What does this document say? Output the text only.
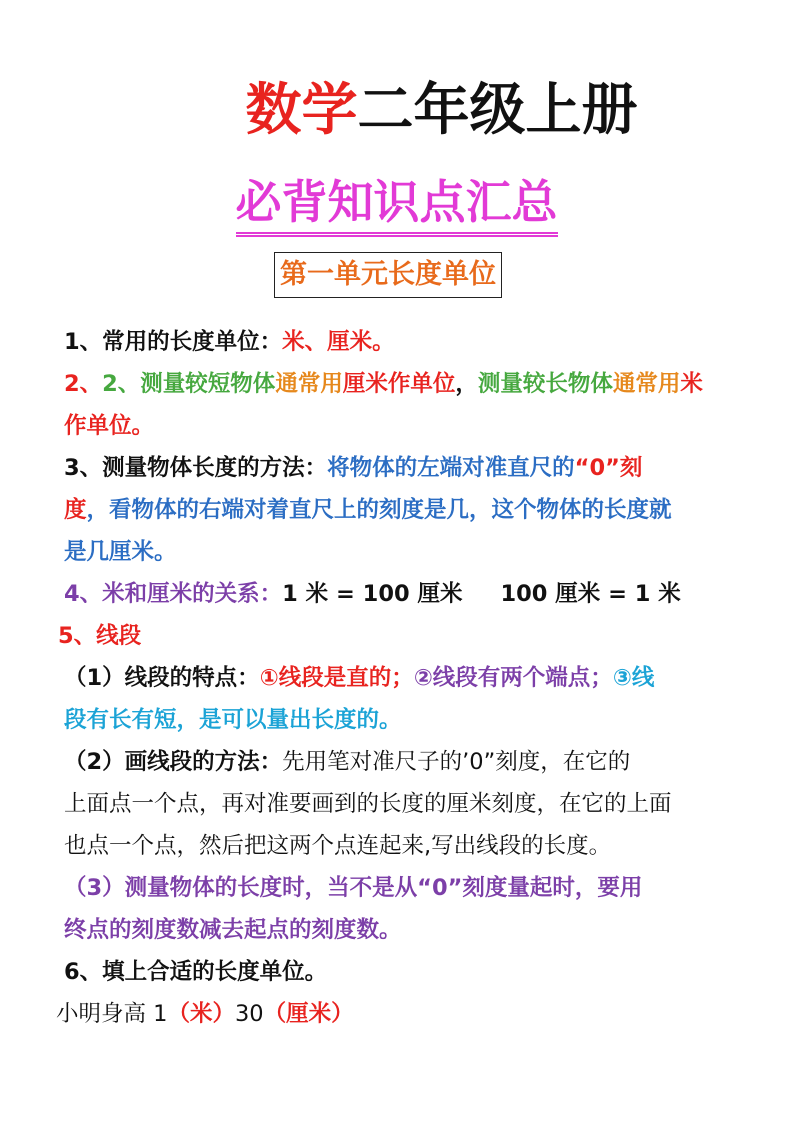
数学二年级上册
必背知识点汇总
第一单元长度单位
1、常用的长度单位：米、厘米。
2、2、测量较短物体通常用厘米作单位，测量较长物体通常用米
作单位。
3、测量物体长度的方法：将物体的左端对准直尺的“0”刻
度，看物体的右端对着直尺上的刻度是几，这个物体的长度就
是几厘米。
4、米和厘米的关系：1 米 = 100 厘米 100 厘米 = 1 米
5、线段
（1）线段的特点：①线段是直的；②线段有两个端点；③线
段有长有短，是可以量出长度的。
（2）画线段的方法：先用笔对准尺子的’0”刻度，在它的
上面点一个点，再对准要画到的长度的厘米刻度，在它的上面
也点一个点，然后把这两个点连起来,写出线段的长度。
（3）测量物体的长度时，当不是从“0”刻度量起时，要用
终点的刻度数减去起点的刻度数。
6、填上合适的长度单位。
小明身高 1（米）30（厘米）
